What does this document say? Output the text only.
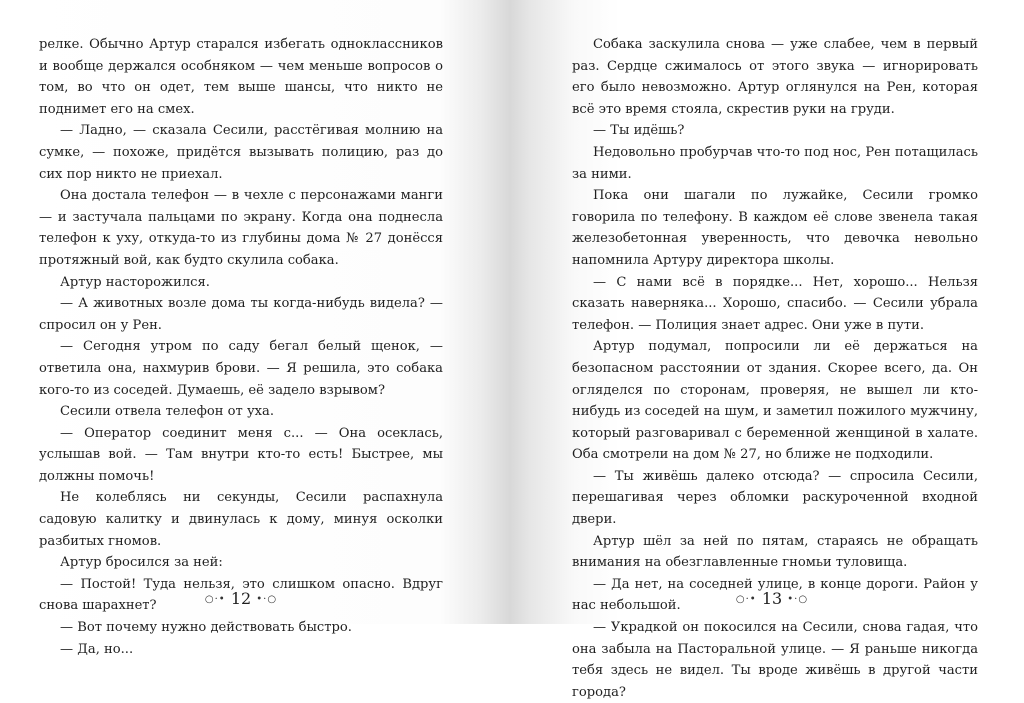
релке. Обычно Артур старался избегать одноклассников и вообще держался особняком — чем меньше вопросов о том, во что он одет, тем выше шансы, что никто не поднимет его на смех.

— Ладно, — сказала Сесили, расстёгивая молнию на сумке, — похоже, придётся вызывать полицию, раз до сих пор никто не приехал.

Она достала телефон — в чехле с персонажами манги — и застучала пальцами по экрану. Когда она поднесла телефон к уху, откуда-то из глубины дома № 27 донёсся протяжный вой, как будто скулила собака.

Артур насторожился.

— А животных возле дома ты когда-нибудь видела? — спросил он у Рен.

— Сегодня утром по саду бегал белый щенок, — ответила она, нахмурив брови. — Я решила, это собака кого-то из соседей. Думаешь, её задело взрывом?

Сесили отвела телефон от уха.

— Оператор соединит меня с... — Она осеклась, услышав вой. — Там внутри кто-то есть! Быстрее, мы должны помочь!

Не колеблясь ни секунды, Сесили распахнула садовую калитку и двинулась к дому, минуя осколки разбитых гномов.

Артур бросился за ней:

— Постой! Туда нельзя, это слишком опасно. Вдруг снова шарахнет?

— Вот почему нужно действовать быстро.

— Да, но...

○·• 12 •·○

Собака заскулила снова — уже слабее, чем в первый раз. Сердце сжималось от этого звука — игнорировать его было невозможно. Артур оглянулся на Рен, которая всё это время стояла, скрестив руки на груди.

— Ты идёшь?

Недовольно пробурчав что-то под нос, Рен потащилась за ними.

Пока они шагали по лужайке, Сесили громко говорила по телефону. В каждом её слове звенела такая железобетонная уверенность, что девочка невольно напомнила Артуру директора школы.

— С нами всё в порядке... Нет, хорошо... Нельзя сказать наверняка... Хорошо, спасибо. — Сесили убрала телефон. — Полиция знает адрес. Они уже в пути.

Артур подумал, попросили ли её держаться на безопасном расстоянии от здания. Скорее всего, да. Он огляделся по сторонам, проверяя, не вышел ли кто-нибудь из соседей на шум, и заметил пожилого мужчину, который разговаривал с беременной женщиной в халате. Оба смотрели на дом № 27, но ближе не подходили.

— Ты живёшь далеко отсюда? — спросила Сесили, перешагивая через обломки раскуроченной входной двери.

Артур шёл за ней по пятам, стараясь не обращать внимания на обезглавленные гномьи туловища.

— Да нет, на соседней улице, в конце дороги. Район у нас небольшой.

— Украдкой он покосился на Сесили, снова гадая, что она забыла на Пасторальной улице. — Я раньше никогда тебя здесь не видел. Ты вроде живёшь в другой части города?

○·• 13 •·○
